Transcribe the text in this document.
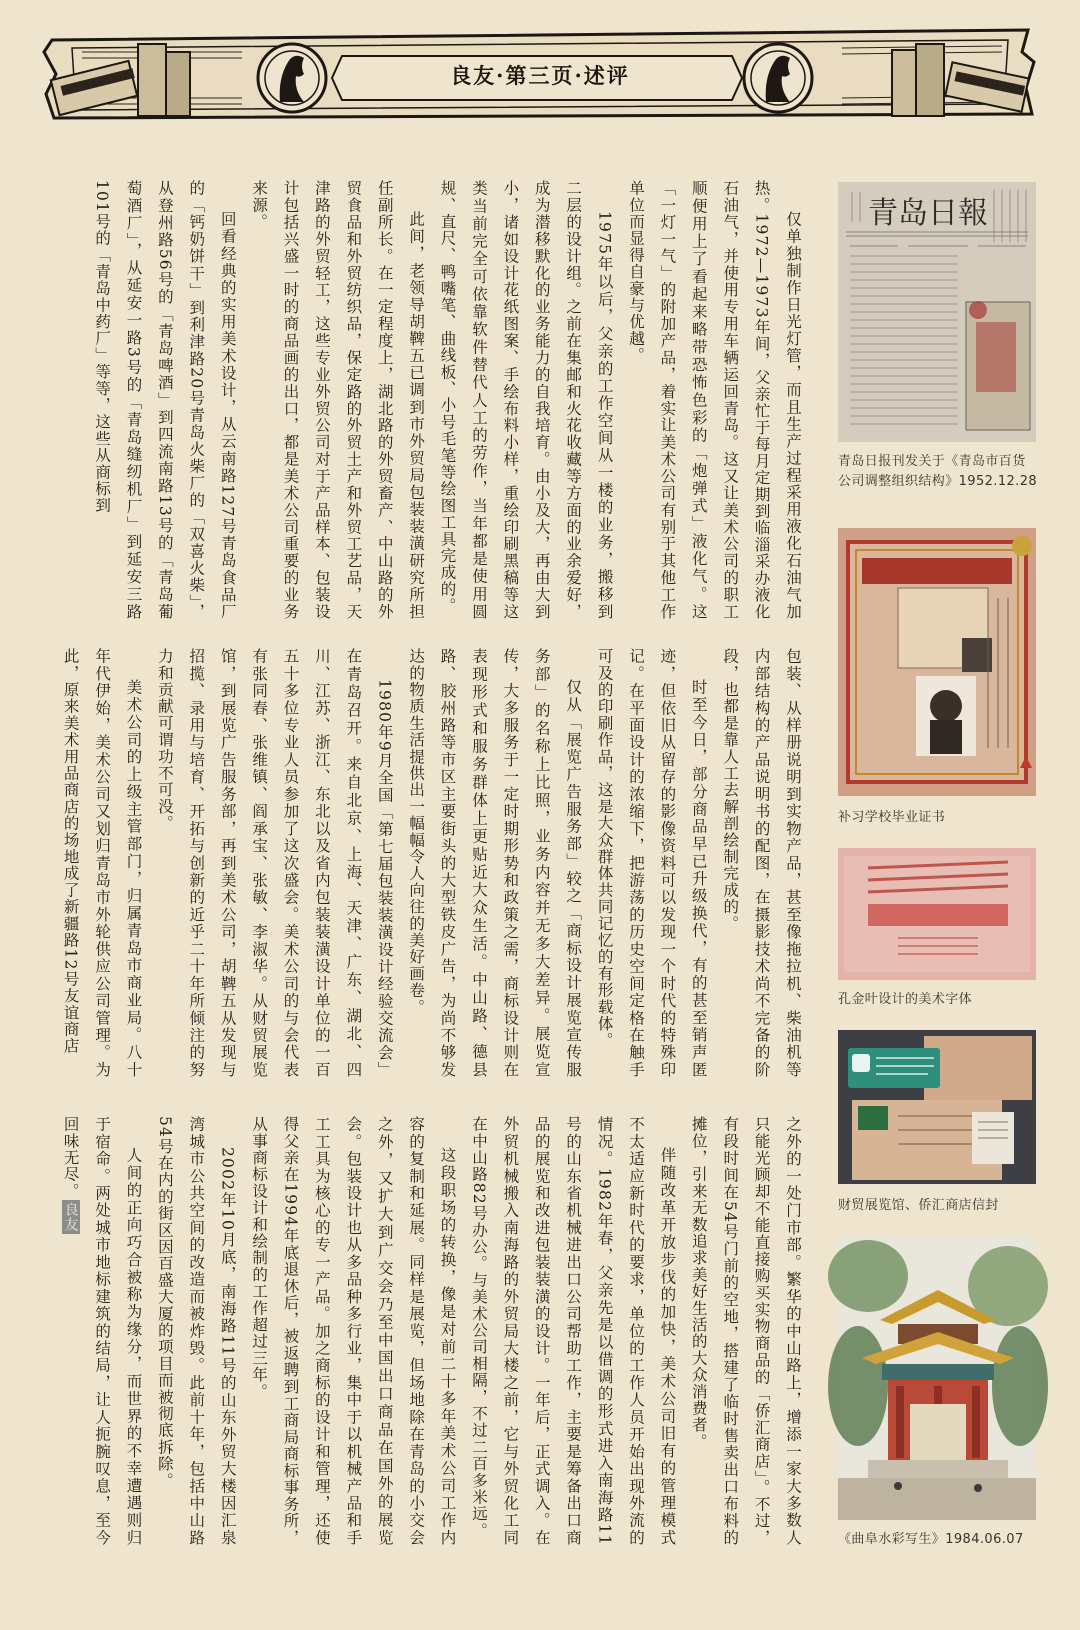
良友·第三页·述评

仅单独制作日光灯管，而且生产过程采用液化石油气加热。1972—1973年间，父亲忙于每月定期到临淄采办液化石油气，并使用专用车辆运回青岛。这又让美术公司的职工顺便用上了看起来略带恐怖色彩的「炮弹式」液化气。这「一灯一气」的附加产品，着实让美术公司有别于其他工作单位而显得自豪与优越。

1975年以后，父亲的工作空间从一楼的业务，搬移到二层的设计组。之前在集邮和火花收藏等方面的业余爱好，成为潜移默化的业务能力的自我培育。由小及大，再由大到小，诸如设计花纸图案、手绘布料小样，重绘印刷黑稿等这类当前完全可依靠软件替代人工的劳作，当年都是使用圆规、直尺、鸭嘴笔、曲线板、小号毛笔等绘图工具完成的。

此间，老领导胡鞞五已调到市外贸局包装装潢研究所担任副所长。在一定程度上，湖北路的外贸畜产、中山路的外贸食品和外贸纺织品，保定路的外贸土产和外贸工艺品，天津路的外贸轻工，这些专业外贸公司对于产品样本、包装设计包括兴盛一时的商品画的出口，都是美术公司重要的业务来源。

回看经典的实用美术设计，从云南路127号青岛食品厂的「钙奶饼干」到利津路20号青岛火柴厂的「双喜火柴」，从登州路56号的「青岛啤酒」到四流南路13号的「青岛葡萄酒厂」，从延安一路3号的「青岛缝纫机厂」到延安三路101号的「青岛中药厂」等等，这些从商标到

包装、从样册说明到实物产品，甚至像拖拉机、柴油机等内部结构的产品说明书的配图，在摄影技术尚不完备的阶段，也都是靠人工去解剖绘制完成的。

时至今日，部分商品早已升级换代，有的甚至销声匿迹，但依旧从留存的影像资料可以发现一个时代的特殊印记。在平面设计的浓缩下，把游荡的历史空间定格在触手可及的印刷作品，这是大众群体共同记忆的有形载体。

仅从「展览广告服务部」较之「商标设计展览宣传服务部」的名称上比照，业务内容并无多大差异。展览宣传，大多服务于一定时期形势和政策之需，商标设计则在表现形式和服务群体上更贴近大众生活。中山路、德县路、胶州路等市区主要街头的大型铁皮广告，为尚不够发达的物质生活提供出一幅幅令人向往的美好画卷。

1980年9月全国「第七届包装装潢设计经验交流会」在青岛召开。来自北京、上海、天津、广东、湖北、四川、江苏、浙江、东北以及省内包装装潢设计单位的一百五十多位专业人员参加了这次盛会。美术公司的与会代表有张同春、张维镇、阎承宝、张敏、李淑华。从财贸展览馆，到展览广告服务部，再到美术公司，胡鞞五从发现与招揽、录用与培育、开拓与创新的近乎二十年所倾注的努力和贡献可谓功不可没。

美术公司的上级主管部门，归属青岛市商业局。八十年代伊始，美术公司又划归青岛市外轮供应公司管理。为此，原来美术用品商店的场地成了新疆路12号友谊商店

之外的一处门市部。繁华的中山路上，增添一家大多数人只能光顾却不能直接购买实物商品的「侨汇商店」。不过，有段时间在54号门前的空地，搭建了临时售卖出口布料的摊位，引来无数追求美好生活的大众消费者。

伴随改革开放步伐的加快，美术公司旧有的管理模式不太适应新时代的要求，单位的工作人员开始出现外流的情况。1982年春，父亲先是以借调的形式进入南海路11号的山东省机械进出口公司帮助工作，主要是筹备出口商品的展览和改进包装装潢的设计。一年后，正式调入。在外贸机械搬入南海路的外贸局大楼之前，它与外贸化工同在中山路82号办公。与美术公司相隔，不过二百多米远。

这段职场的转换，像是对前二十多年美术公司工作内容的复制和延展。同样是展览，但场地除在青岛的小交会之外，又扩大到广交会乃至中国出口商品在国外的展览会。包装设计也从多品种多行业，集中于以机械产品和手工工具为核心的专一产品。加之商标的设计和管理，还使得父亲在1994年底退休后，被返聘到工商局商标事务所，从事商标设计和绘制的工作超过三年。

2002年10月底，南海路11号的山东外贸大楼因汇泉湾城市公共空间的改造而被炸毁。此前十年，包括中山路54号在内的街区因百盛大厦的项目而被彻底拆除。

人间的正向巧合被称为缘分，而世界的不幸遭遇则归于宿命。两处城市地标建筑的结局，让人扼腕叹息，至今回味无尽。良友

青岛日報
青岛日报刊发关于《青岛市百货公司调整组织结构》1952.12.28
补习学校毕业证书
孔金叶设计的美术字体
财贸展览馆、侨汇商店信封
《曲阜水彩写生》1984.06.07
